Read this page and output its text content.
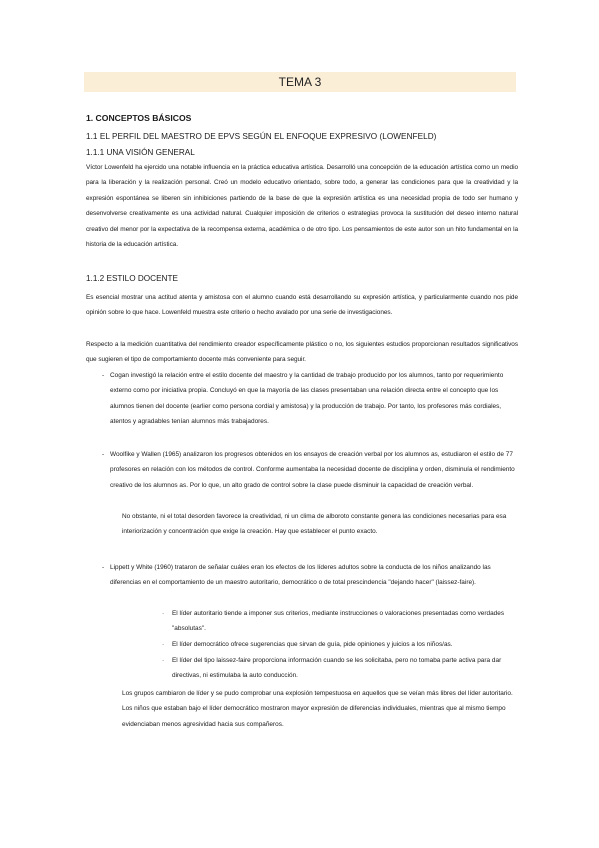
TEMA 3
1. CONCEPTOS BÁSICOS
1.1 EL PERFIL DEL MAESTRO DE EPVS SEGÚN EL ENFOQUE EXPRESIVO (LOWENFELD)
1.1.1 UNA VISIÓN GENERAL
Víctor Lowenfeld ha ejercido una notable influencia en la práctica educativa artística. Desarrolló una concepción de la educación artística como un medio para la liberación y la realización personal. Creó un modelo educativo orientado, sobre todo, a generar las condiciones para que la creatividad y la expresión espontánea se liberen sin inhibiciones partiendo de la base de que la expresión artística es una necesidad propia de todo ser humano y desenvolverse creativamente es una actividad natural. Cualquier imposición de criterios o estrategias provoca la sustitución del deseo interno natural creativo del menor por la expectativa de la recompensa externa, académica o de otro tipo. Los pensamientos de este autor son un hito fundamental en la historia de la educación artística.
1.1.2 ESTILO DOCENTE
Es esencial mostrar una actitud atenta y amistosa con el alumno cuando está desarrollando su expresión artística, y particularmente cuando nos pide opinión sobre lo que hace. Lowenfeld muestra este criterio o hecho avalado por una serie de investigaciones.
Respecto a la medición cuantitativa del rendimiento creador específicamente plástico o no, los siguientes estudios proporcionan resultados significativos que sugieren el tipo de comportamiento docente más conveniente para seguir.
- Cogan investigó la relación entre el estilo docente del maestro y la cantidad de trabajo producido por los alumnos, tanto por requerimiento externo como por iniciativa propia. Concluyó en que la mayoría de las clases presentaban una relación directa entre el concepto que los alumnos tienen del docente (earlier como persona cordial y amistosa) y la producción de trabajo. Por tanto, los profesores más cordiales, atentos y agradables tenían alumnos más trabajadores.
- Woolfike y Wallen (1965) analizaron los progresos obtenidos en los ensayos de creación verbal por los alumnos as, estudiaron el estilo de 77 profesores en relación con los métodos de control. Conforme aumentaba la necesidad docente de disciplina y orden, disminuía el rendimiento creativo de los alumnos as. Por lo que, un alto grado de control sobre la clase puede disminuir la capacidad de creación verbal.
No obstante, ni el total desorden favorece la creatividad, ni un clima de alboroto constante genera las condiciones necesarias para esa interiorización y concentración que exige la creación. Hay que establecer el punto exacto.
- Lippett y White (1960) trataron de señalar cuáles eran los efectos de los líderes adultos sobre la conducta de los niños analizando las diferencias en el comportamiento de un maestro autoritario, democrático o de total prescindencia "dejando hacer" (laissez-faire).
· El líder autoritario tiende a imponer sus criterios, mediante instrucciones o valoraciones presentadas como verdades "absolutas".
· El líder democrático ofrece sugerencias que sirvan de guía, pide opiniones y juicios a los niños/as.
· El líder del tipo laissez-faire proporciona información cuando se les solicitaba, pero no tomaba parte activa para dar directivas, ni estimulaba la auto conducción.
Los grupos cambiaron de líder y se pudo comprobar una explosión tempestuosa en aquellos que se veían más libres del líder autoritario. Los niños que estaban bajo el líder democrático mostraron mayor expresión de diferencias individuales, mientras que al mismo tiempo evidenciaban menos agresividad hacia sus compañeros.
